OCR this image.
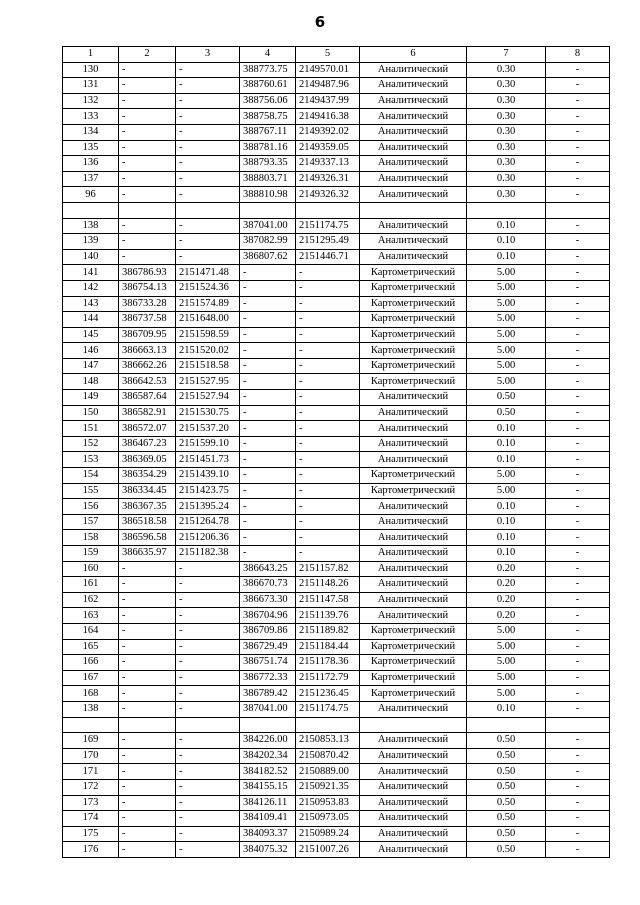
6
1	2	3	4	5	6	7	8
130	-	-	388773.75	2149570.01	Аналитический	0.30	-
131	-	-	388760.61	2149487.96	Аналитический	0.30	-
132	-	-	388756.06	2149437.99	Аналитический	0.30	-
133	-	-	388758.75	2149416.38	Аналитический	0.30	-
134	-	-	388767.11	2149392.02	Аналитический	0.30	-
135	-	-	388781.16	2149359.05	Аналитический	0.30	-
136	-	-	388793.35	2149337.13	Аналитический	0.30	-
137	-	-	388803.71	2149326.31	Аналитический	0.30	-
96	-	-	388810.98	2149326.32	Аналитический	0.30	-

138	-	-	387041.00	2151174.75	Аналитический	0.10	-
139	-	-	387082.99	2151295.49	Аналитический	0.10	-
140	-	-	386807.62	2151446.71	Аналитический	0.10	-
141	386786.93	2151471.48	-	-	Картометрический	5.00	-
142	386754.13	2151524.36	-	-	Картометрический	5.00	-
143	386733.28	2151574.89	-	-	Картометрический	5.00	-
144	386737.58	2151648.00	-	-	Картометрический	5.00	-
145	386709.95	2151598.59	-	-	Картометрический	5.00	-
146	386663.13	2151520.02	-	-	Картометрический	5.00	-
147	386662.26	2151518.58	-	-	Картометрический	5.00	-
148	386642.53	2151527.95	-	-	Картометрический	5.00	-
149	386587.64	2151527.94	-	-	Аналитический	0.50	-
150	386582.91	2151530.75	-	-	Аналитический	0.50	-
151	386572.07	2151537.20	-	-	Аналитический	0.10	-
152	386467.23	2151599.10	-	-	Аналитический	0.10	-
153	386369.05	2151451.73	-	-	Аналитический	0.10	-
154	386354.29	2151439.10	-	-	Картометрический	5.00	-
155	386334.45	2151423.75	-	-	Картометрический	5.00	-
156	386367.35	2151395.24	-	-	Аналитический	0.10	-
157	386518.58	2151264.78	-	-	Аналитический	0.10	-
158	386596.58	2151206.36	-	-	Аналитический	0.10	-
159	386635.97	2151182.38	-	-	Аналитический	0.10	-
160	-	-	386643.25	2151157.82	Аналитический	0.20	-
161	-	-	386670.73	2151148.26	Аналитический	0.20	-
162	-	-	386673.30	2151147.58	Аналитический	0.20	-
163	-	-	386704.96	2151139.76	Аналитический	0.20	-
164	-	-	386709.86	2151189.82	Картометрический	5.00	-
165	-	-	386729.49	2151184.44	Картометрический	5.00	-
166	-	-	386751.74	2151178.36	Картометрический	5.00	-
167	-	-	386772.33	2151172.79	Картометрический	5.00	-
168	-	-	386789.42	2151236.45	Картометрический	5.00	-
138	-	-	387041.00	2151174.75	Аналитический	0.10	-

169	-	-	384226.00	2150853.13	Аналитический	0.50	-
170	-	-	384202.34	2150870.42	Аналитический	0.50	-
171	-	-	384182.52	2150889.00	Аналитический	0.50	-
172	-	-	384155.15	2150921.35	Аналитический	0.50	-
173	-	-	384126.11	2150953.83	Аналитический	0.50	-
174	-	-	384109.41	2150973.05	Аналитический	0.50	-
175	-	-	384093.37	2150989.24	Аналитический	0.50	-
176	-	-	384075.32	2151007.26	Аналитический	0.50	-
